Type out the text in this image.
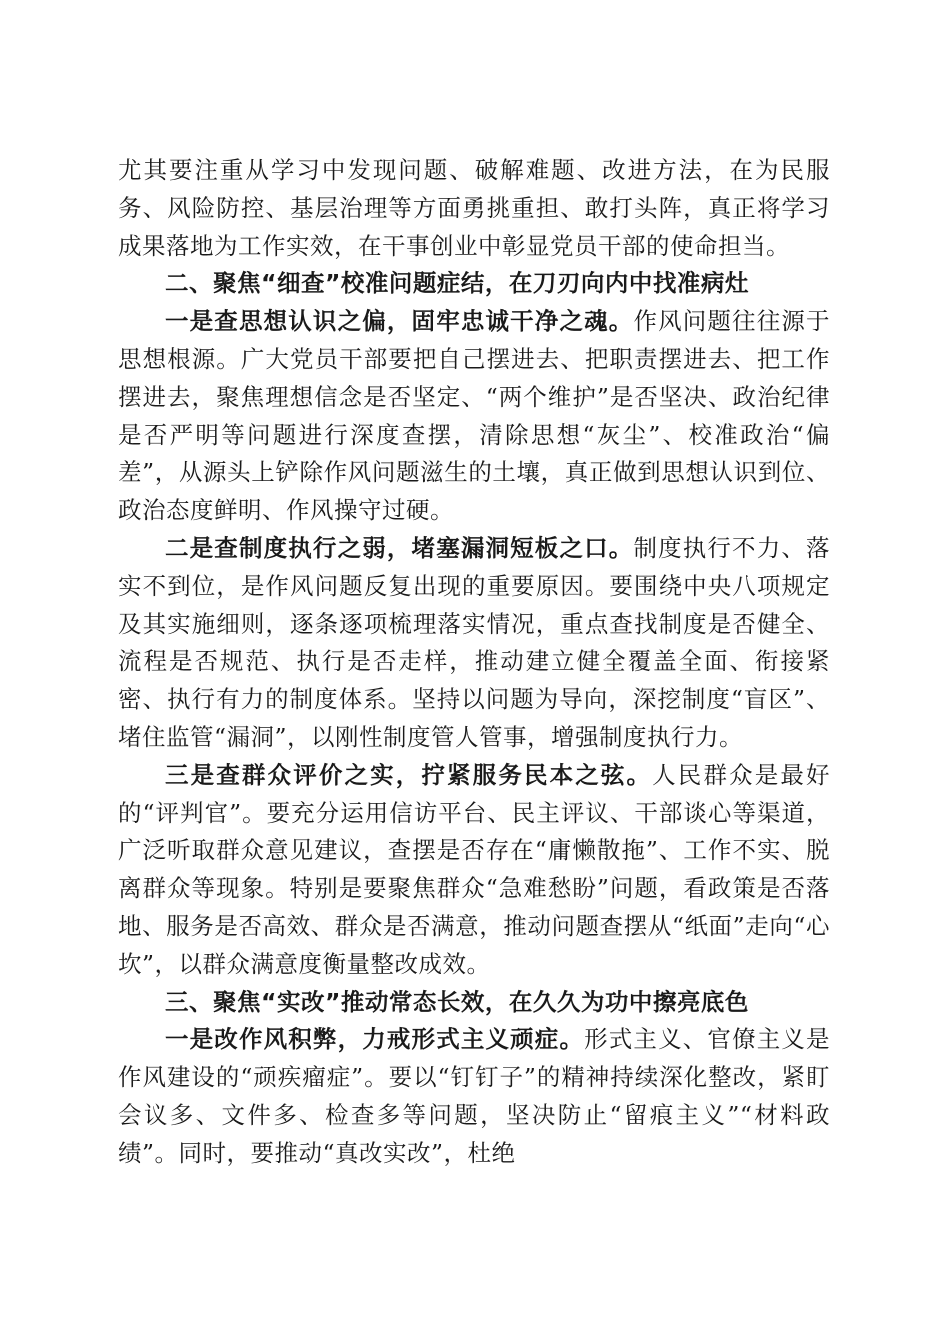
尤其要注重从学习中发现问题、破解难题、改进方法，在为民服务、风险防控、基层治理等方面勇挑重担、敢打头阵，真正将学习成果落地为工作实效，在干事创业中彰显党员干部的使命担当。

二、聚焦“细查”校准问题症结，在刀刃向内中找准病灶

一是查思想认识之偏，固牢忠诚干净之魂。作风问题往往源于思想根源。广大党员干部要把自己摆进去、把职责摆进去、把工作摆进去，聚焦理想信念是否坚定、“两个维护”是否坚决、政治纪律是否严明等问题进行深度查摆，清除思想“灰尘”、校准政治“偏差”，从源头上铲除作风问题滋生的土壤，真正做到思想认识到位、政治态度鲜明、作风操守过硬。

二是查制度执行之弱，堵塞漏洞短板之口。制度执行不力、落实不到位，是作风问题反复出现的重要原因。要围绕中央八项规定及其实施细则，逐条逐项梳理落实情况，重点查找制度是否健全、流程是否规范、执行是否走样，推动建立健全覆盖全面、衔接紧密、执行有力的制度体系。坚持以问题为导向，深挖制度“盲区”、堵住监管“漏洞”，以刚性制度管人管事，增强制度执行力。

三是查群众评价之实，拧紧服务民本之弦。人民群众是最好的“评判官”。要充分运用信访平台、民主评议、干部谈心等渠道，广泛听取群众意见建议，查摆是否存在“庸懒散拖”、工作不实、脱离群众等现象。特别是要聚焦群众“急难愁盼”问题，看政策是否落地、服务是否高效、群众是否满意，推动问题查摆从“纸面”走向“心坎”，以群众满意度衡量整改成效。

三、聚焦“实改”推动常态长效，在久久为功中擦亮底色

一是改作风积弊，力戒形式主义顽症。形式主义、官僚主义是作风建设的“顽疾瘤症”。要以“钉钉子”的精神持续深化整改，紧盯会议多、文件多、检查多等问题，坚决防止“留痕主义”“材料政绩”。同时，要推动“真改实改”，杜绝
